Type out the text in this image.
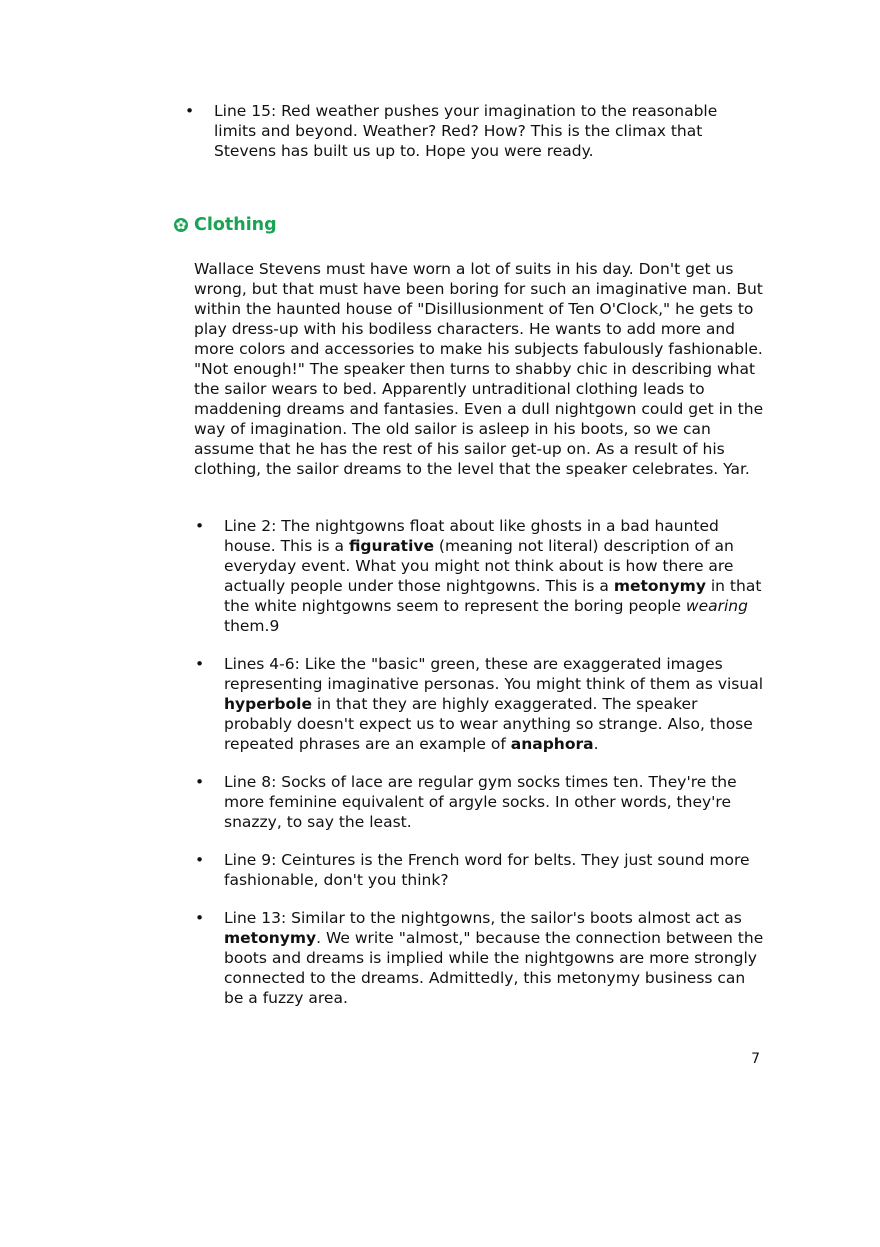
• Line 15: Red weather pushes your imagination to the reasonable limits and beyond. Weather? Red? How? This is the climax that Stevens has built us up to. Hope you were ready.
Clothing

Wallace Stevens must have worn a lot of suits in his day. Don't get us wrong, but that must have been boring for such an imaginative man. But within the haunted house of "Disillusionment of Ten O'Clock," he gets to play dress-up with his bodiless characters. He wants to add more and more colors and accessories to make his subjects fabulously fashionable. "Not enough!" The speaker then turns to shabby chic in describing what the sailor wears to bed. Apparently untraditional clothing leads to maddening dreams and fantasies. Even a dull nightgown could get in the way of imagination. The old sailor is asleep in his boots, so we can assume that he has the rest of his sailor get-up on. As a result of his clothing, the sailor dreams to the level that the speaker celebrates. Yar.

• Line 2: The nightgowns float about like ghosts in a bad haunted house. This is a figurative (meaning not literal) description of an everyday event. What you might not think about is how there are actually people under those nightgowns. This is a metonymy in that the white nightgowns seem to represent the boring people wearing them.9
• Lines 4-6: Like the "basic" green, these are exaggerated images representing imaginative personas. You might think of them as visual hyperbole in that they are highly exaggerated. The speaker probably doesn't expect us to wear anything so strange. Also, those repeated phrases are an example of anaphora.
• Line 8: Socks of lace are regular gym socks times ten. They're the more feminine equivalent of argyle socks. In other words, they're snazzy, to say the least.
• Line 9: Ceintures is the French word for belts. They just sound more fashionable, don't you think?
• Line 13: Similar to the nightgowns, the sailor's boots almost act as metonymy. We write "almost," because the connection between the boots and dreams is implied while the nightgowns are more strongly connected to the dreams. Admittedly, this metonymy business can be a fuzzy area.
7
